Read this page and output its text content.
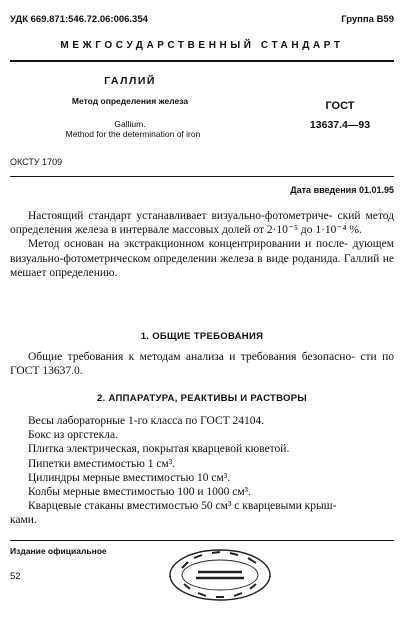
УДК 669.871:546.72.06:006.354	Группа В59
МЕЖГОСУДАРСТВЕННЫЙ СТАНДАРТ
ГАЛЛИЙ
Метод определения железа
Gallium.
Method for the determination of iron
ГОСТ
13637.4—93
ОКСТУ 1709
Дата введения 01.01.95

Настоящий стандарт устанавливает визуально-фотометриче- ский метод определения железа в интервале массовых долей от 2·10⁻⁵ до 1·10⁻⁴ %.

Метод основан на экстракционном концентрировании и после- дующем визуально-фотометрическом определении железа в виде роданида. Галлий не мешает определению.

1. ОБЩИЕ ТРЕБОВАНИЯ

Общие требования к методам анализа и требования безопасно- сти по ГОСТ 13637.0.

2. АППАРАТУРА, РЕАКТИВЫ И РАСТВОРЫ
Весы лабораторные 1-го класса по ГОСТ 24104.
Бокс из оргстекла.
Плитка электрическая, покрытая кварцевой кюветой.
Пипетки вместимостью 1 см³.
Цилиндры мерные вместимостью 10 см³.
Колбы мерные вместимостью 100 и 1000 см³.
Кварцевые стаканы вместимостью 50 см³ с кварцевыми крыш-
ками.
Издание официальное
52
